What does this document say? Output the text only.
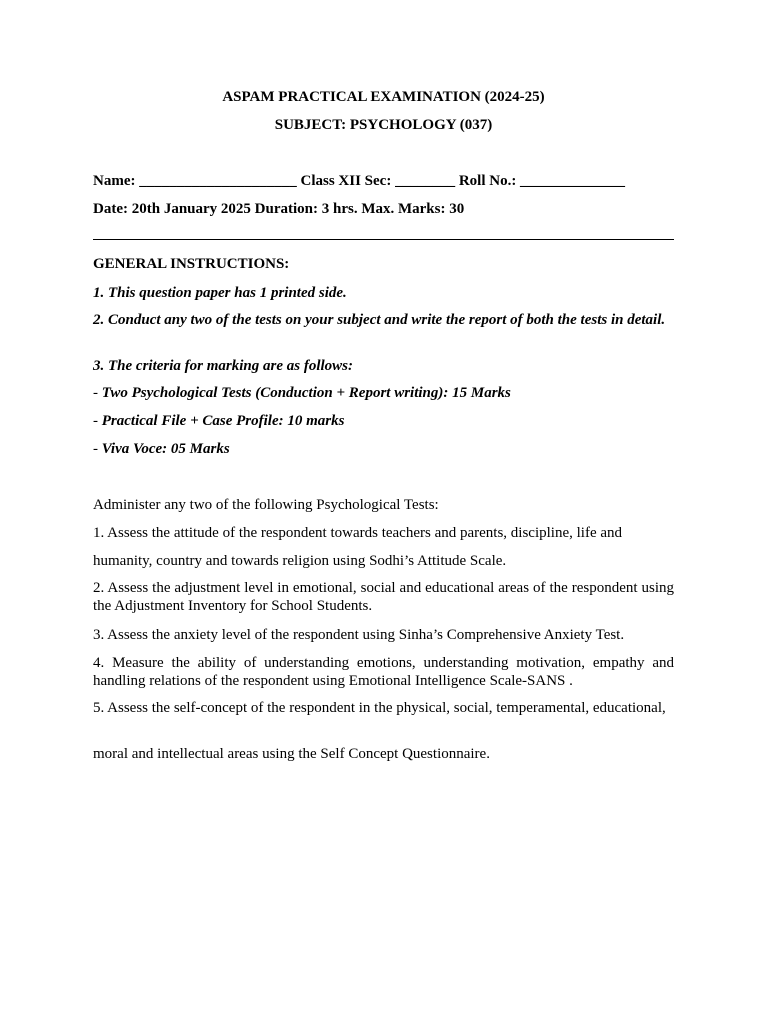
ASPAM PRACTICAL EXAMINATION (2024-25)
SUBJECT: PSYCHOLOGY (037)
Name: _____________________ Class XII Sec: ________ Roll No.: ______________
Date: 20th January 2025 Duration: 3 hrs. Max. Marks: 30
GENERAL INSTRUCTIONS:
1. This question paper has 1 printed side.
2. Conduct any two of the tests on your subject and write the report of both the tests in detail.
3. The criteria for marking are as follows:
- Two Psychological Tests (Conduction + Report writing): 15 Marks
- Practical File + Case Profile: 10 marks
- Viva Voce: 05 Marks
Administer any two of the following Psychological Tests:
1. Assess the attitude of the respondent towards teachers and parents, discipline, life and
humanity, country and towards religion using Sodhi’s Attitude Scale.
2. Assess the adjustment level in emotional, social and educational areas of the respondent using the Adjustment Inventory for School Students.
3. Assess the anxiety level of the respondent using Sinha’s Comprehensive Anxiety Test.
4. Measure the ability of understanding emotions, understanding motivation, empathy and handling relations of the respondent using Emotional Intelligence Scale-SANS .
5. Assess the self-concept of the respondent in the physical, social, temperamental, educational,
moral and intellectual areas using the Self Concept Questionnaire.
